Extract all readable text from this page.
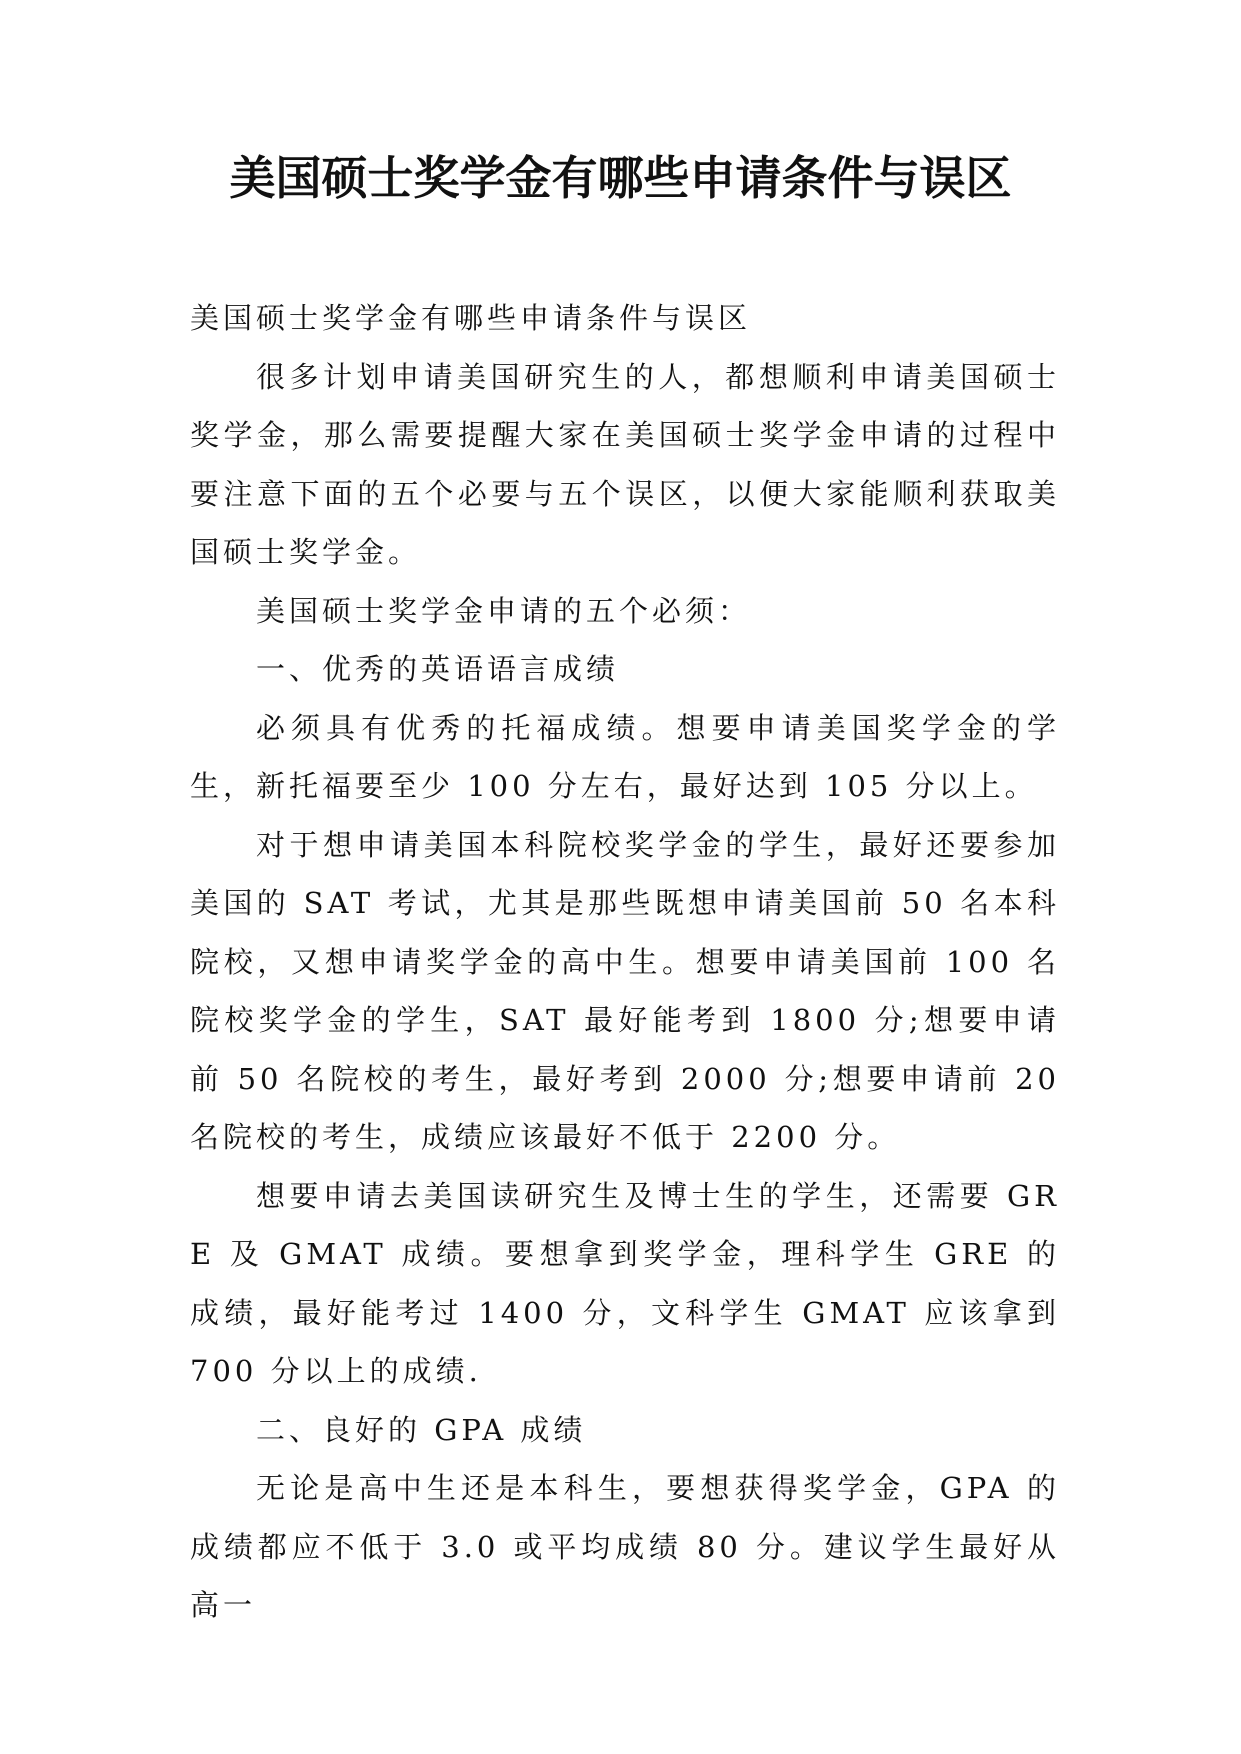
美国硕士奖学金有哪些申请条件与误区

美国硕士奖学金有哪些申请条件与误区

很多计划申请美国研究生的人，都想顺利申请美国硕士奖学金，那么需要提醒大家在美国硕士奖学金申请的过程中要注意下面的五个必要与五个误区，以便大家能顺利获取美国硕士奖学金。

美国硕士奖学金申请的五个必须：

一、优秀的英语语言成绩

必须具有优秀的托福成绩。想要申请美国奖学金的学生，新托福要至少 100 分左右，最好达到 105 分以上。

对于想申请美国本科院校奖学金的学生，最好还要参加美国的 SAT 考试，尤其是那些既想申请美国前 50 名本科院校，又想申请奖学金的高中生。想要申请美国前 100 名院校奖学金的学生，SAT 最好能考到 1800 分;想要申请前 50 名院校的考生，最好考到 2000 分;想要申请前 20 名院校的考生，成绩应该最好不低于 2200 分。

想要申请去美国读研究生及博士生的学生，还需要 GRE 及 GMAT 成绩。要想拿到奖学金，理科学生 GRE 的成绩，最好能考过 1400 分，文科学生 GMAT 应该拿到 700 分以上的成绩.

二、良好的 GPA 成绩

无论是高中生还是本科生，要想获得奖学金，GPA 的成绩都应不低于 3.0 或平均成绩 80 分。建议学生最好从高一
